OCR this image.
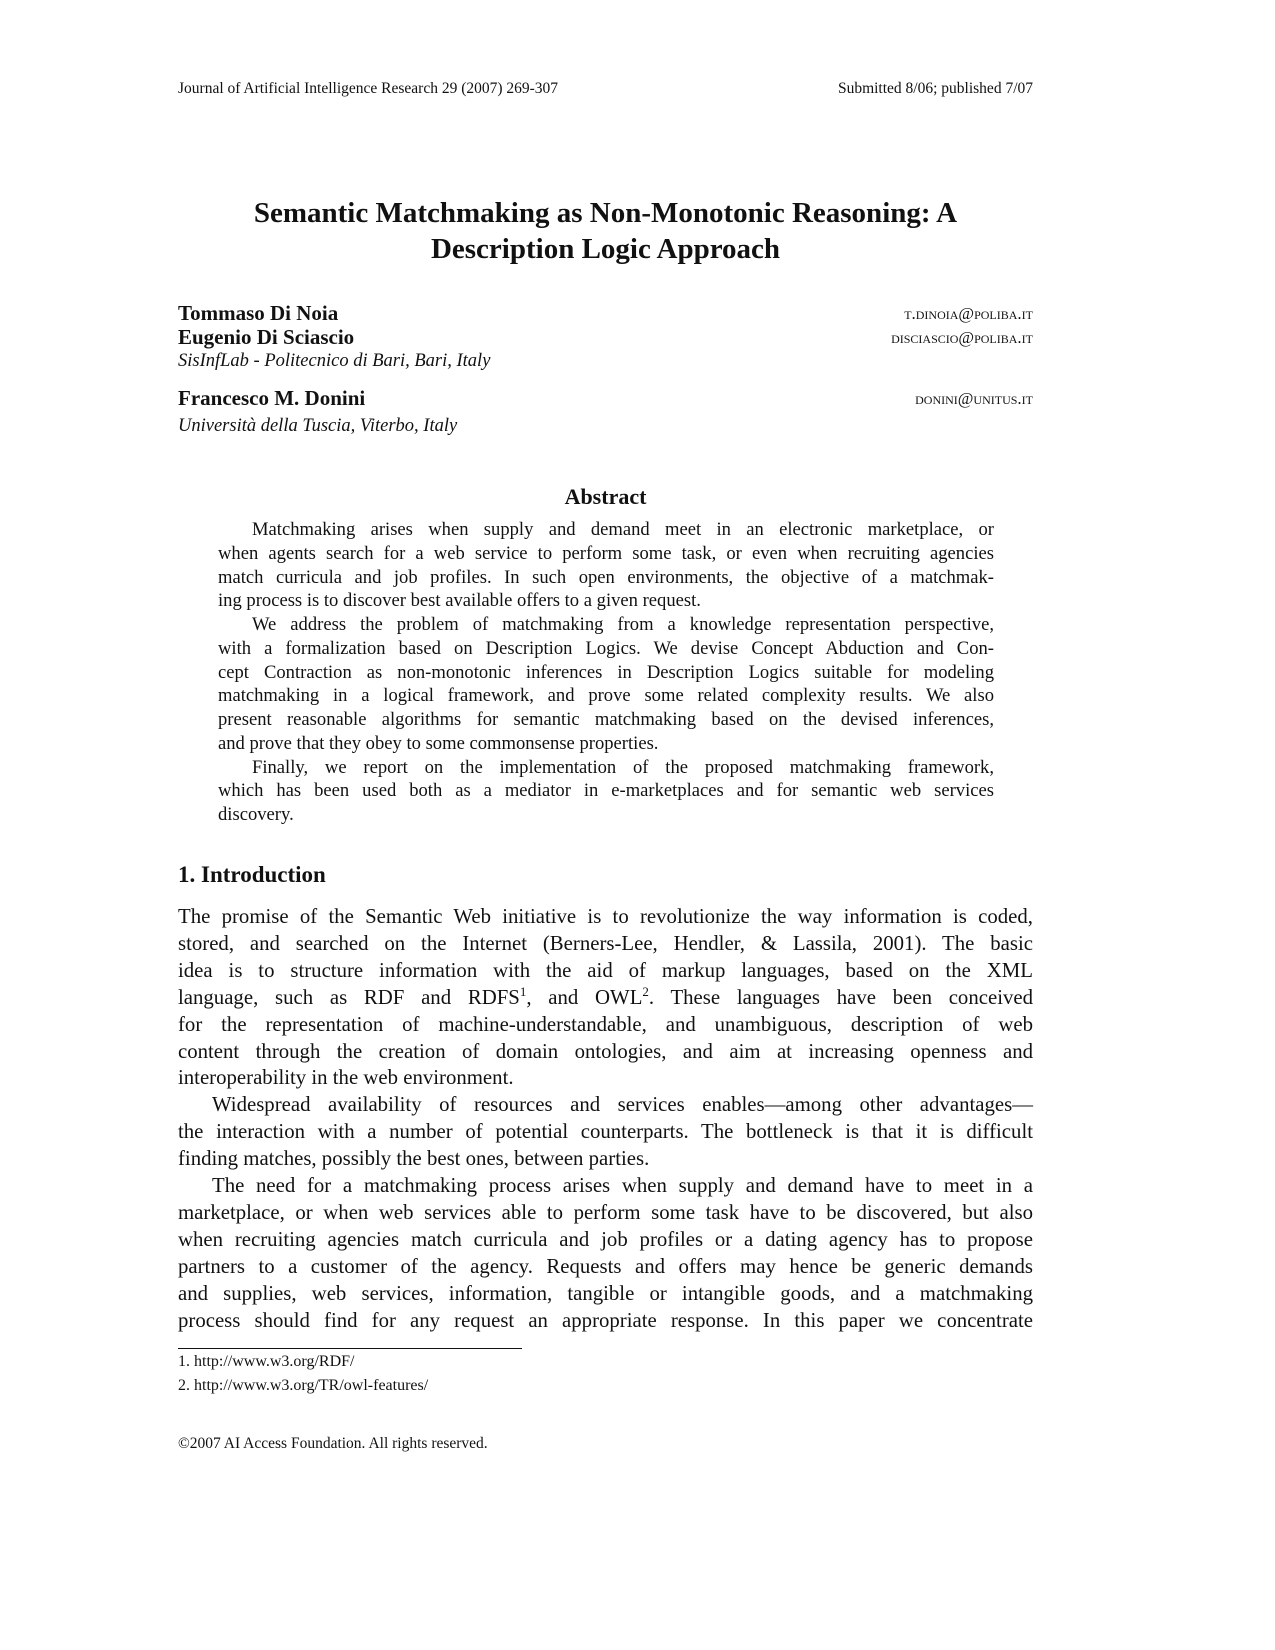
Journal of Artificial Intelligence Research 29 (2007) 269-307	Submitted 8/06; published 7/07
Semantic Matchmaking as Non-Monotonic Reasoning: A
Description Logic Approach
Tommaso Di Noia	t.dinoia@poliba.it
Eugenio Di Sciascio	disciascio@poliba.it
SisInfLab - Politecnico di Bari, Bari, Italy
Francesco M. Donini	donini@unitus.it
Università della Tuscia, Viterbo, Italy
Abstract
Matchmaking arises when supply and demand meet in an electronic marketplace, or
when agents search for a web service to perform some task, or even when recruiting agencies
match curricula and job profiles. In such open environments, the objective of a matchmak-
ing process is to discover best available offers to a given request.
We address the problem of matchmaking from a knowledge representation perspective,
with a formalization based on Description Logics. We devise Concept Abduction and Con-
cept Contraction as non-monotonic inferences in Description Logics suitable for modeling
matchmaking in a logical framework, and prove some related complexity results. We also
present reasonable algorithms for semantic matchmaking based on the devised inferences,
and prove that they obey to some commonsense properties.
Finally, we report on the implementation of the proposed matchmaking framework,
which has been used both as a mediator in e-marketplaces and for semantic web services
discovery.
1. Introduction
The promise of the Semantic Web initiative is to revolutionize the way information is coded,
stored, and searched on the Internet (Berners-Lee, Hendler, & Lassila, 2001). The basic
idea is to structure information with the aid of markup languages, based on the XML
language, such as RDF and RDFS$^1$, and OWL$^2$. These languages have been conceived
for the representation of machine-understandable, and unambiguous, description of web
content through the creation of domain ontologies, and aim at increasing openness and
interoperability in the web environment.
Widespread availability of resources and services enables—among other advantages—
the interaction with a number of potential counterparts. The bottleneck is that it is difficult
finding matches, possibly the best ones, between parties.
The need for a matchmaking process arises when supply and demand have to meet in a
marketplace, or when web services able to perform some task have to be discovered, but also
when recruiting agencies match curricula and job profiles or a dating agency has to propose
partners to a customer of the agency. Requests and offers may hence be generic demands
and supplies, web services, information, tangible or intangible goods, and a matchmaking
process should find for any request an appropriate response. In this paper we concentrate
1. http://www.w3.org/RDF/
2. http://www.w3.org/TR/owl-features/
©2007 AI Access Foundation. All rights reserved.
